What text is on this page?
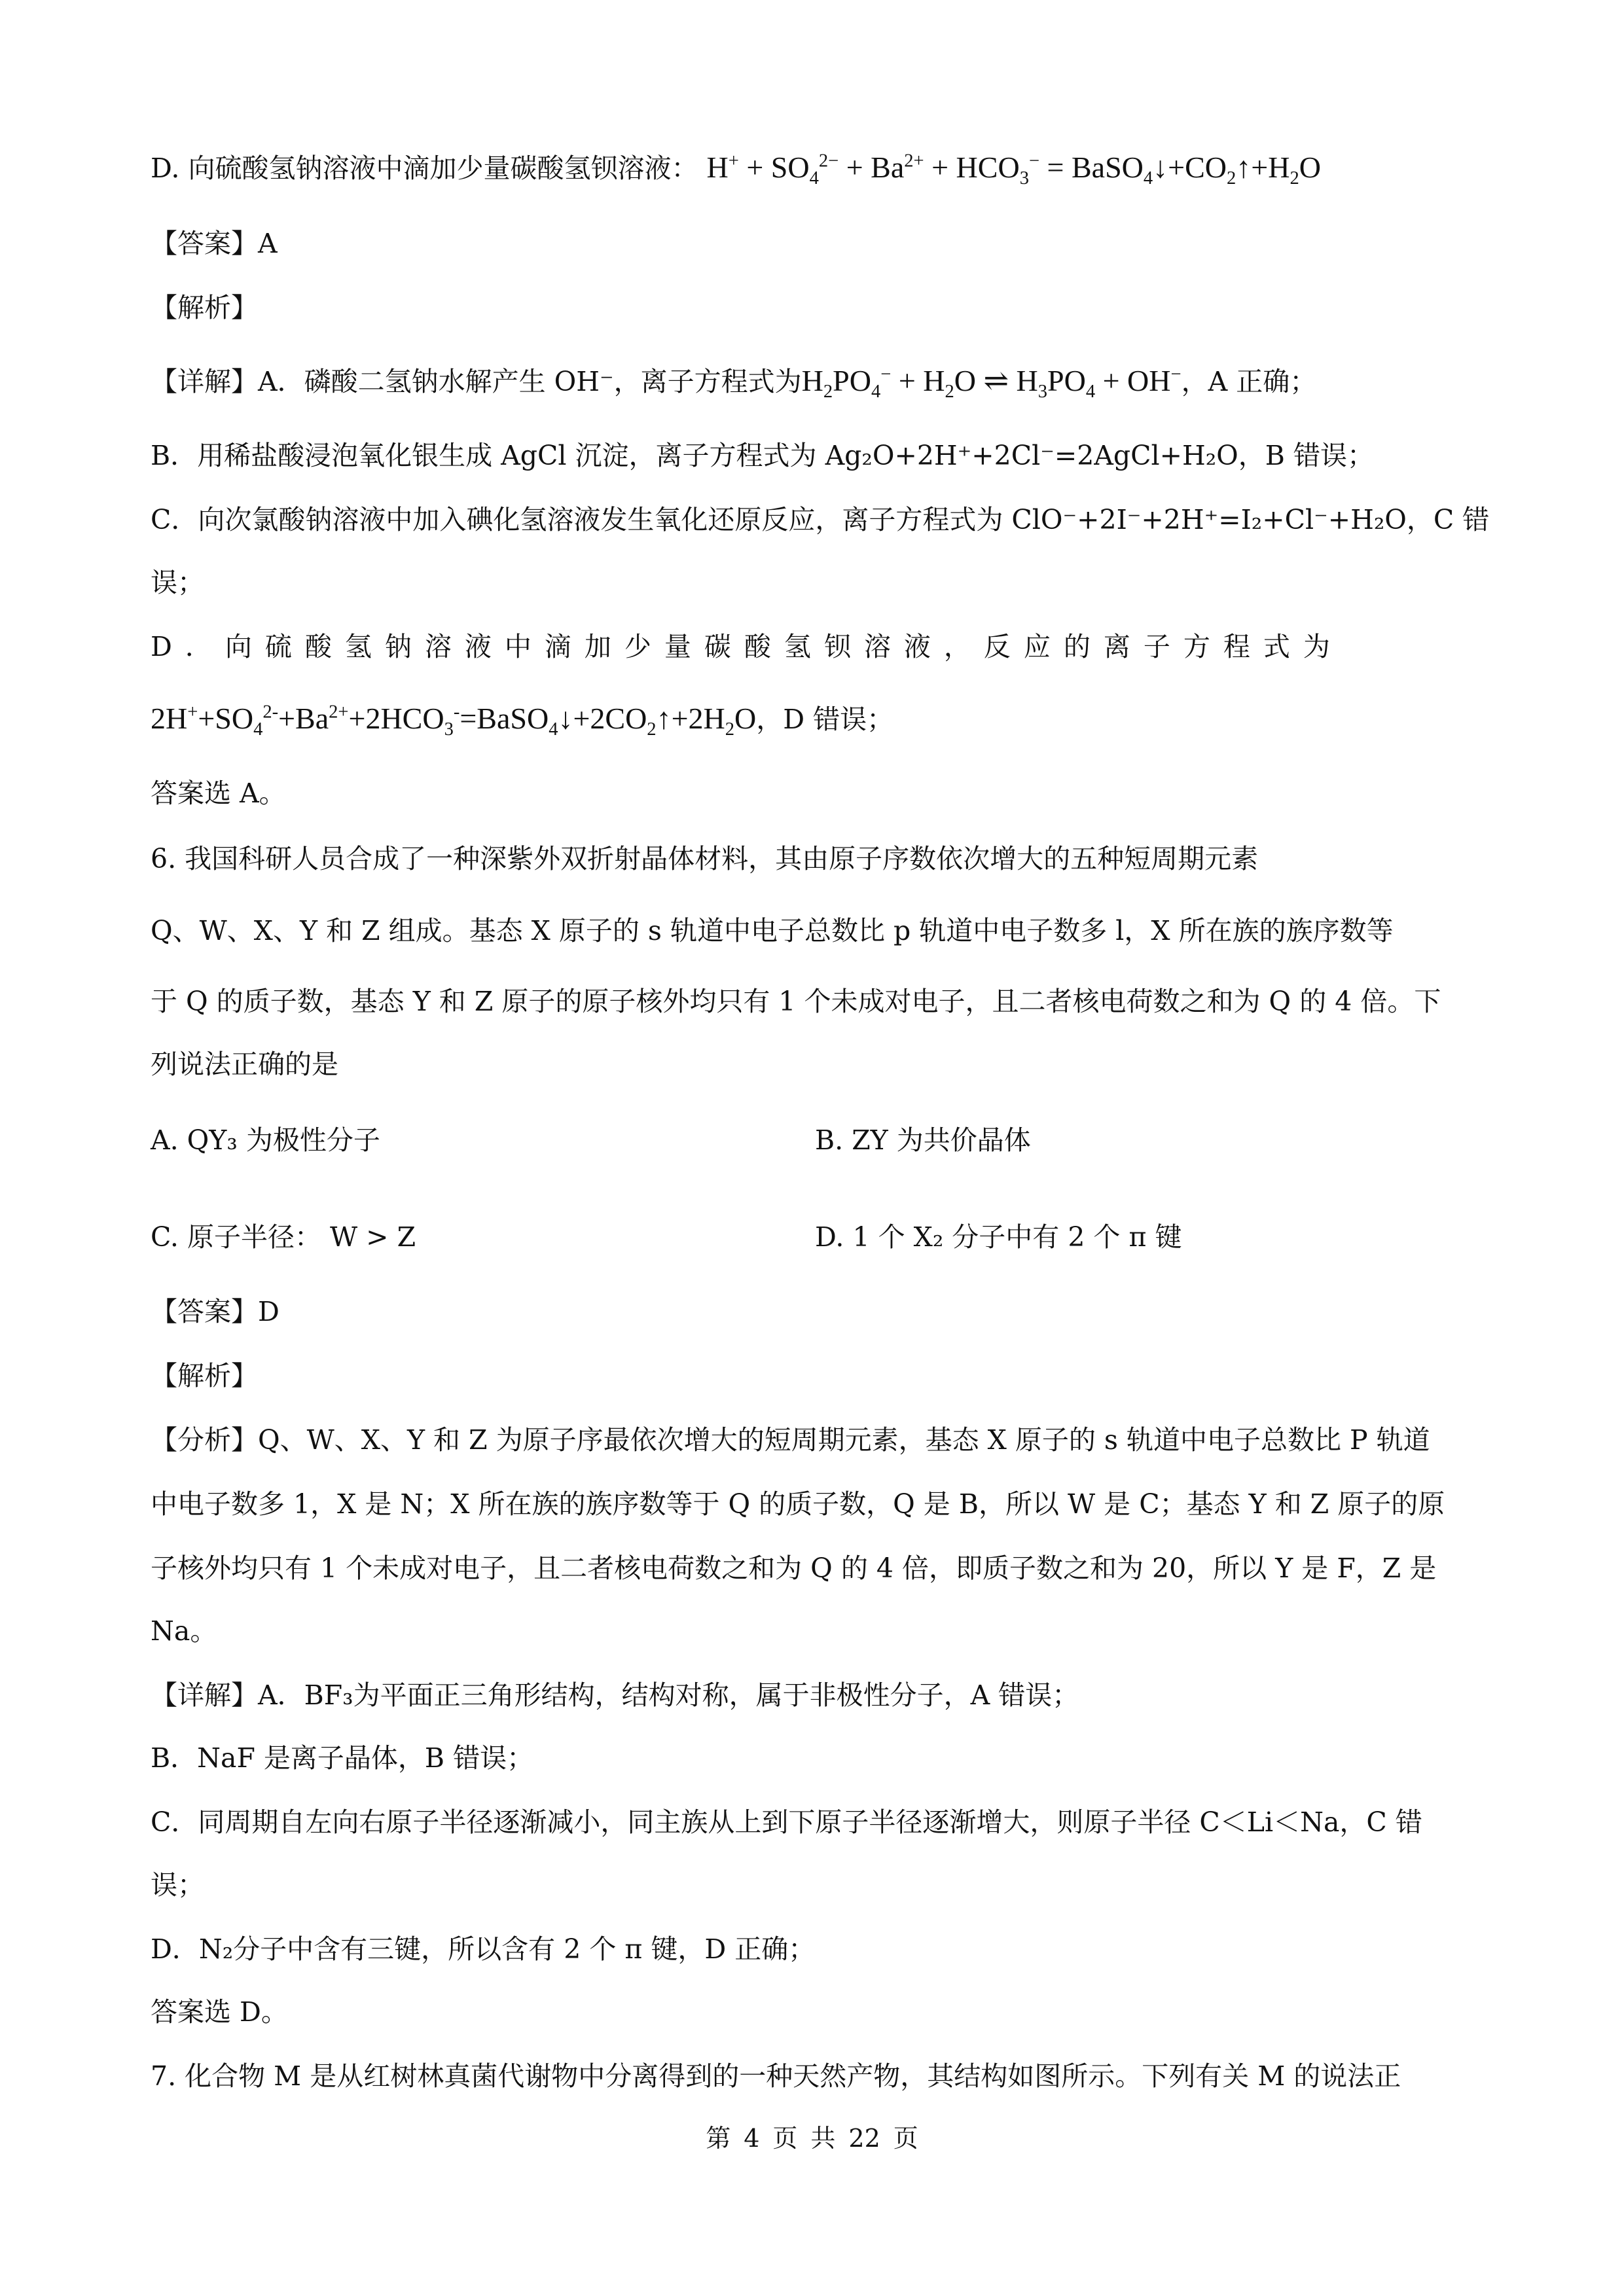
D. 向硫酸氢钠溶液中滴加少量碳酸氢钡溶液： $H^+ + SO_4^{2-} + Ba^{2+} + HCO_3^-$ = $BaSO_4↓+CO_2↑+H_2O$
【答案】A
【解析】
【详解】A．磷酸二氢钠水解产生 OH⁻，离子方程式为$H_2PO_4^- + H_2O$ ⇌ $H_3PO_4 + OH^-$，A 正确；
B．用稀盐酸浸泡氧化银生成 AgCl 沉淀，离子方程式为 Ag₂O+2H⁺+2Cl⁻=2AgCl+H₂O，B 错误；
C．向次氯酸钠溶液中加入碘化氢溶液发生氧化还原反应，离子方程式为 ClO⁻+2I⁻+2H⁺=I₂+Cl⁻+H₂O，C 错
误；
D．向硫酸氢钠溶液中滴加少量碳酸氢钡溶液，反应的离子方程式为
$2H^++SO_4^{2-}+Ba^{2+}+2HCO_3^-=BaSO_4↓+2CO_2↑+2H_2O$，D 错误；
答案选 A。
6. 我国科研人员合成了一种深紫外双折射晶体材料，其由原子序数依次增大的五种短周期元素
Q、W、X、Y 和 Z 组成。基态 X 原子的 s 轨道中电子总数比 p 轨道中电子数多 l，X 所在族的族序数等
于 Q 的质子数，基态 Y 和 Z 原子的原子核外均只有 1 个未成对电子，且二者核电荷数之和为 Q 的 4 倍。下
列说法正确的是
A. QY₃ 为极性分子	B. ZY 为共价晶体
C. 原子半径： W > Z	D. 1 个 X₂ 分子中有 2 个 π 键
【答案】D
【解析】
【分析】Q、W、X、Y 和 Z 为原子序最依次增大的短周期元素，基态 X 原子的 s 轨道中电子总数比 P 轨道
中电子数多 1，X 是 N；X 所在族的族序数等于 Q 的质子数，Q 是 B，所以 W 是 C；基态 Y 和 Z 原子的原
子核外均只有 1 个未成对电子，且二者核电荷数之和为 Q 的 4 倍，即质子数之和为 20，所以 Y 是 F，Z 是
Na。
【详解】A．BF₃为平面正三角形结构，结构对称，属于非极性分子，A 错误；
B．NaF 是离子晶体，B 错误；
C．同周期自左向右原子半径逐渐减小，同主族从上到下原子半径逐渐增大，则原子半径 C＜Li＜Na，C 错
误；
D．N₂分子中含有三键，所以含有 2 个 π 键，D 正确；
答案选 D。
7. 化合物 M 是从红树林真菌代谢物中分离得到的一种天然产物，其结构如图所示。下列有关 M 的说法正
第 4 页 共 22 页
